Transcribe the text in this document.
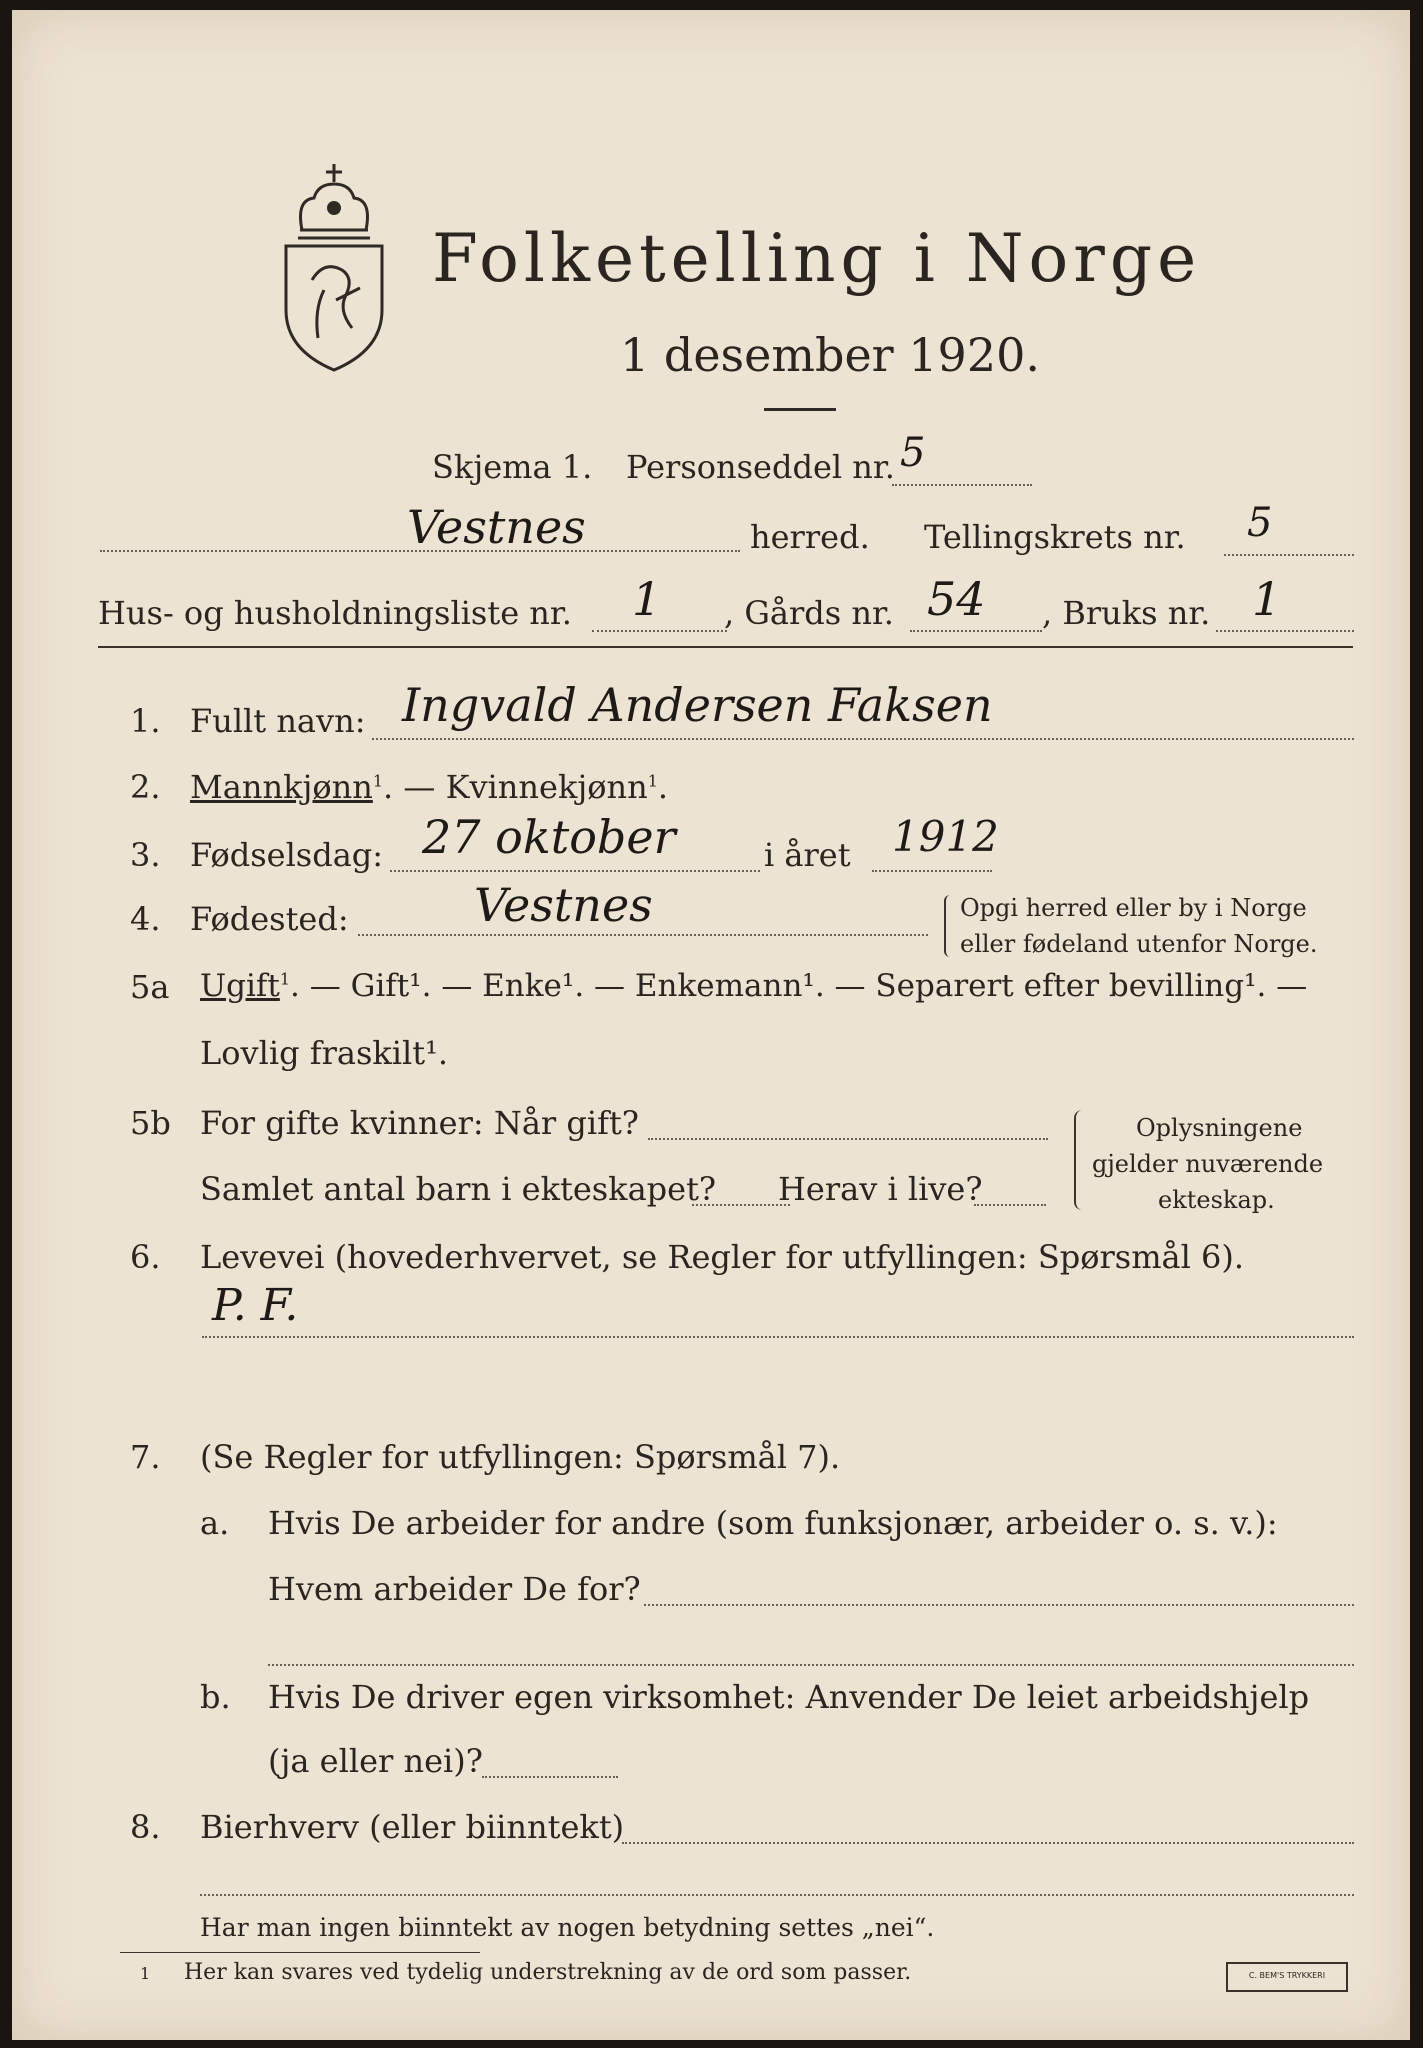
Folketelling i Norge
1 desember 1920.
Skjema 1. Personseddel nr. 5
Vestnes	herred. Tellingskrets nr. 5
Hus- og husholdningsliste nr. 1 , Gårds nr. 54 , Bruks nr. 1
1. Fullt navn: Ingvald Andersen Faksen
2. Mannkjønn$^1$. — Kvinnekjønn$^1$.
3. Fødselsdag: 27 oktober	i året 1912
4. Fødested:	Vestnes	Opgi herred eller by i Norge
eller fødeland utenfor Norge.
5a Ugift$^1$. — Gift¹. — Enke¹. — Enkemann¹. — Separert efter bevilling¹. —
Lovlig fraskilt¹.
5b For gifte kvinner: Når gift?
Samlet antal barn i ekteskapet? Herav i live?
Oplysningene
gjelder nuværende
ekteskap.
6. Levevei (hovederhvervet, se Regler for utfyllingen: Spørsmål 6).
P. F.
7. (Se Regler for utfyllingen: Spørsmål 7).
a. Hvis De arbeider for andre (som funksjonær, arbeider o. s. v.):
Hvem arbeider De for?
b. Hvis De driver egen virksomhet: Anvender De leiet arbeidshjelp
(ja eller nei)?
8. Bierhverv (eller biinntekt)
Har man ingen biinntekt av nogen betydning settes „nei“.
1 Her kan svares ved tydelig understrekning av de ord som passer.	C. BEM'S TRYKKERI
